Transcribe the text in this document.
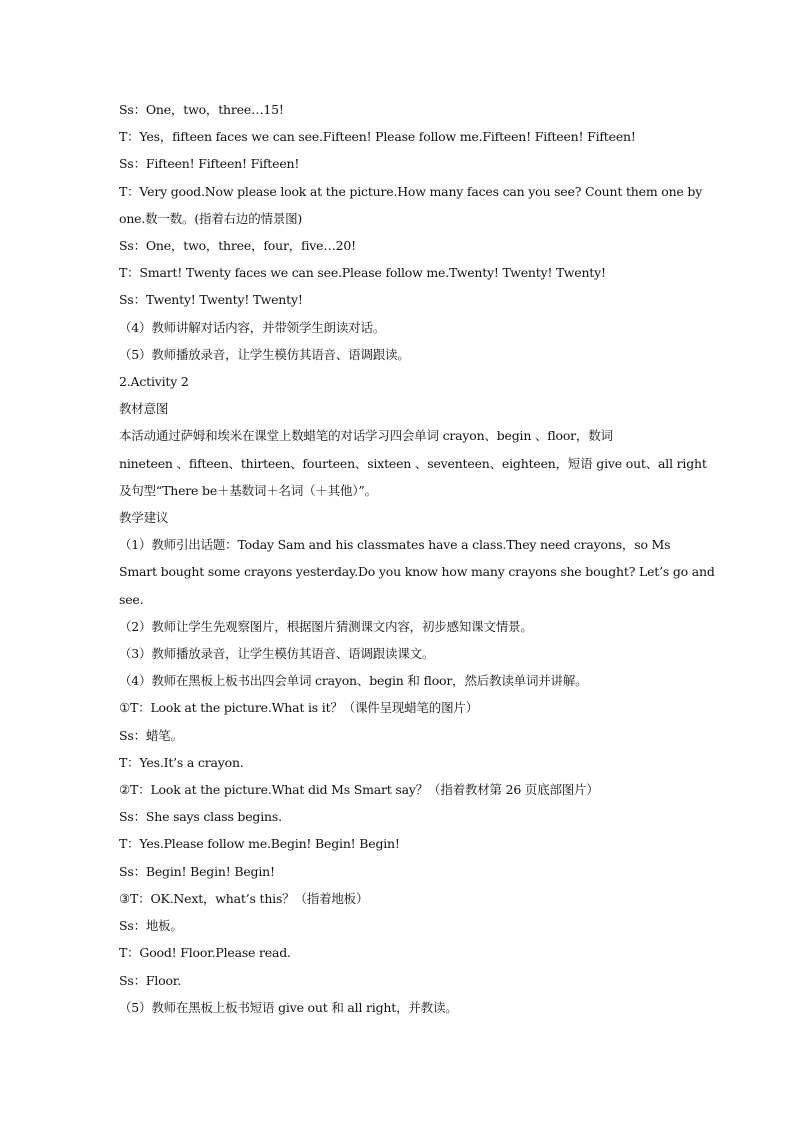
Ss：One，two，three…15!
T：Yes，fifteen faces we can see.Fifteen! Please follow me.Fifteen! Fifteen! Fifteen!
Ss：Fifteen! Fifteen! Fifteen!
T：Very good.Now please look at the picture.How many faces can you see? Count them one by
one.数一数。(指着右边的情景图)
Ss：One，two，three，four，five…20!
T：Smart! Twenty faces we can see.Please follow me.Twenty! Twenty! Twenty!
Ss：Twenty! Twenty! Twenty!
（4）教师讲解对话内容，并带领学生朗读对话。
（5）教师播放录音，让学生模仿其语音、语调跟读。
2.Activity 2
教材意图
本活动通过萨姆和埃米在课堂上数蜡笔的对话学习四会单词 crayon、begin 、floor，数词
nineteen 、fifteen、thirteen、fourteen、sixteen 、seventeen、eighteen，短语 give out、all right
及句型“There be＋基数词＋名词（＋其他）”。
教学建议
（1）教师引出话题：Today Sam and his classmates have a class.They need crayons，so Ms
Smart bought some crayons yesterday.Do you know how many crayons she bought? Let’s go and
see.
（2）教师让学生先观察图片，根据图片猜测课文内容，初步感知课文情景。
（3）教师播放录音，让学生模仿其语音、语调跟读课文。
（4）教师在黑板上板书出四会单词 crayon、begin 和 floor，然后教读单词并讲解。
①T：Look at the picture.What is it？（课件呈现蜡笔的图片）
Ss：蜡笔。
T：Yes.It’s a crayon.
②T：Look at the picture.What did Ms Smart say？（指着教材第 26 页底部图片）
Ss：She says class begins.
T：Yes.Please follow me.Begin! Begin! Begin!
Ss：Begin! Begin! Begin!
③T：OK.Next，what’s this？（指着地板）
Ss：地板。
T：Good! Floor.Please read.
Ss：Floor.
（5）教师在黑板上板书短语 give out 和 all right，并教读。
